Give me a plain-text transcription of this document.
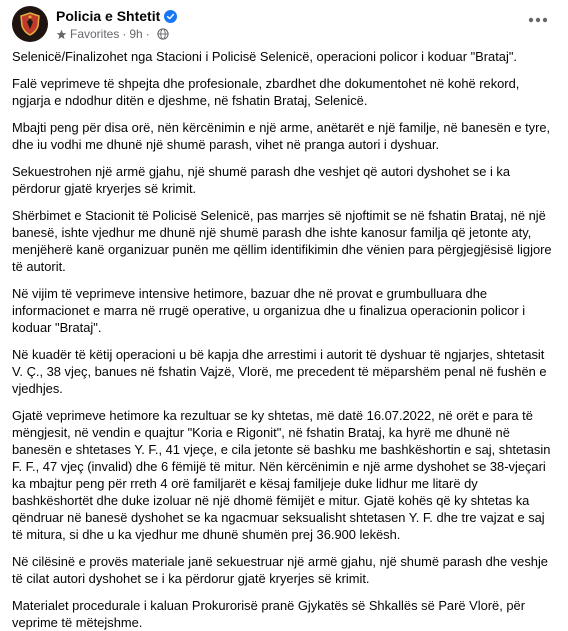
Policia e Shtetit
Favorites · 9h ·

Selenicë/Finalizohet nga Stacioni i Policisë Selenicë, operacioni policor i koduar "Brataj".

Falë veprimeve të shpejta dhe profesionale, zbardhet dhe dokumentohet në kohë rekord, ngjarja e ndodhur ditën e djeshme, në fshatin Brataj, Selenicë.

Mbajti peng për disa orë, nën kërcënimin e një arme, anëtarët e një familje, në banesën e tyre, dhe iu vodhi me dhunë një shumë parash, vihet në pranga autori i dyshuar.

Sekuestrohen një armë gjahu, një shumë parash dhe veshjet që autori dyshohet se i ka përdorur gjatë kryerjes së krimit.

Shërbimet e Stacionit të Policisë Selenicë, pas marrjes së njoftimit se në fshatin Brataj, në një banesë, ishte vjedhur me dhunë një shumë parash dhe ishte kanosur familja që jetonte aty, menjëherë kanë organizuar punën me qëllim identifikimin dhe vënien para përgjegjësisë ligjore të autorit.

Në vijim të veprimeve intensive hetimore, bazuar dhe në provat e grumbulluara dhe informacionet e marra në rrugë operative, u organizua dhe u finalizua operacionin policor i koduar "Brataj".

Në kuadër të këtij operacioni u bë kapja dhe arrestimi i autorit të dyshuar të ngjarjes, shtetasit V. Ç., 38 vjeç, banues në fshatin Vajzë, Vlorë, me precedent të mëparshëm penal në fushën e vjedhjes.

Gjatë veprimeve hetimore ka rezultuar se ky shtetas, më datë 16.07.2022, në orët e para të mëngjesit, në vendin e quajtur "Koria e Rigonit", në fshatin Brataj, ka hyrë me dhunë në banesën e shtetases Y. F., 41 vjeçe, e cila jetonte së bashku me bashkëshortin e saj, shtetasin F. F., 47 vjeç (invalid) dhe 6 fëmijë të mitur. Nën kërcënimin e një arme dyshohet se 38-vjeçari ka mbajtur peng për rreth 4 orë familjarët e kësaj familjeje duke lidhur me litarë dy bashkëshortët dhe duke izoluar në një dhomë fëmijët e mitur. Gjatë kohës që ky shtetas ka qëndruar në banesë dyshohet se ka ngacmuar seksualisht shtetasen Y. F. dhe tre vajzat e saj të mitura, si dhe u ka vjedhur me dhunë shumën prej 36.900 lekësh.

Në cilësinë e provës materiale janë sekuestruar një armë gjahu, një shumë parash dhe veshje të cilat autori dyshohet se i ka përdorur gjatë kryerjes së krimit.

Materialet procedurale i kaluan Prokurorisë pranë Gjykatës së Shkallës së Parë Vlorë, për veprime të mëtejshme.
